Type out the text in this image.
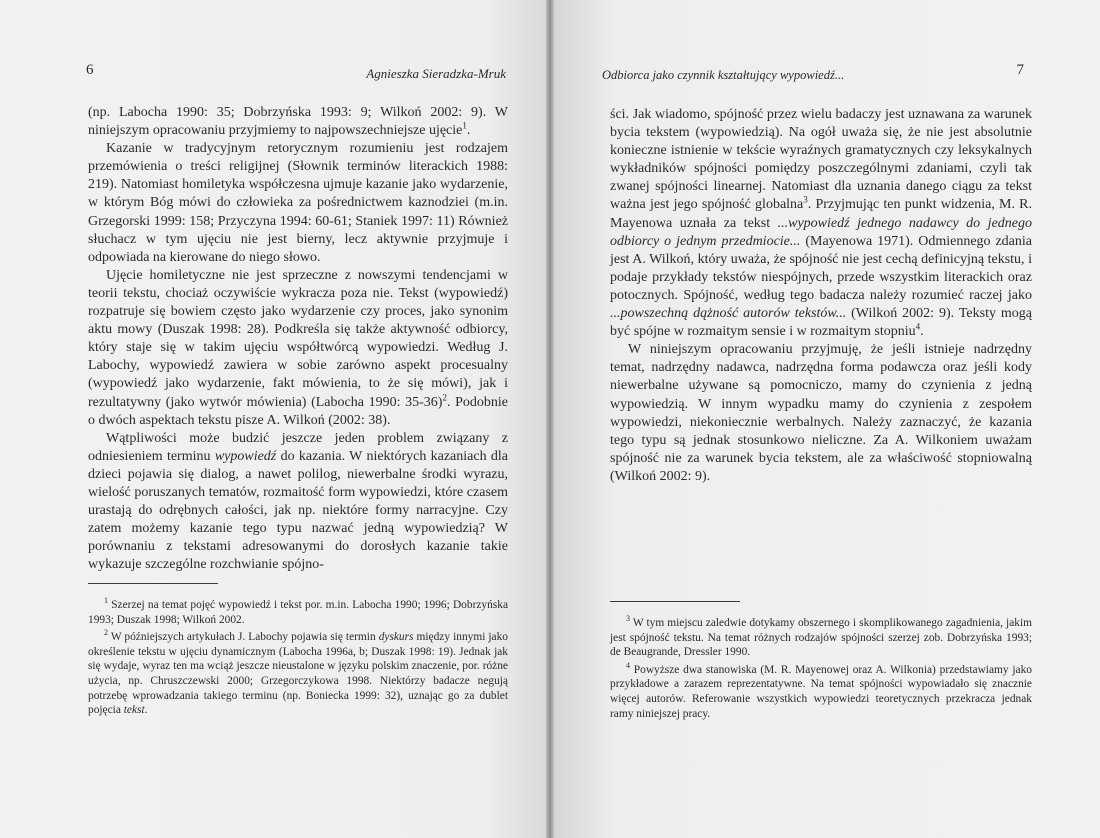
6	Agnieszka Sieradzka-Mruk

(np. Labocha 1990: 35; Dobrzyńska 1993: 9; Wilkoń 2002: 9). W niniejszym opracowaniu przyjmiemy to najpowszechniejsze ujęcie$^1$.

Kazanie w tradycyjnym retorycznym rozumieniu jest rodzajem przemówienia o treści religijnej (Słownik terminów literackich 1988: 219). Natomiast homiletyka współczesna ujmuje kazanie jako wydarzenie, w którym Bóg mówi do człowieka za pośrednictwem kaznodziei (m.in. Grzegorski 1999: 158; Przyczyna 1994: 60-61; Staniek 1997: 11) Również słuchacz w tym ujęciu nie jest bierny, lecz aktywnie przyjmuje i odpowiada na kierowane do niego słowo.

Ujęcie homiletyczne nie jest sprzeczne z nowszymi tendencjami w teorii tekstu, chociaż oczywiście wykracza poza nie. Tekst (wypowiedź) rozpatruje się bowiem często jako wydarzenie czy proces, jako synonim aktu mowy (Duszak 1998: 28). Podkreśla się także aktywność odbiorcy, który staje się w takim ujęciu współtwórcą wypowiedzi. Według J. Labochy, wypowiedź zawiera w sobie zarówno aspekt procesualny (wypowiedź jako wydarzenie, fakt mówienia, to że się mówi), jak i rezultatywny (jako wytwór mówienia) (Labocha 1990: 35-36)$^2$. Podobnie o dwóch aspektach tekstu pisze A. Wilkoń (2002: 38).

Wątpliwości może budzić jeszcze jeden problem związany z odniesieniem terminu wypowiedź do kazania. W niektórych kazaniach dla dzieci pojawia się dialog, a nawet polilog, niewerbalne środki wyrazu, wielość poruszanych tematów, rozmaitość form wypowiedzi, które czasem urastają do odrębnych całości, jak np. niektóre formy narracyjne. Czy zatem możemy kazanie tego typu nazwać jedną wypowiedzią? W porównaniu z tekstami adresowanymi do dorosłych kazanie takie wykazuje szczególne rozchwianie spójno-

$^1$ Szerzej na temat pojęć wypowiedź i tekst por. m.in. Labocha 1990; 1996; Dobrzyńska 1993; Duszak 1998; Wilkoń 2002.

$^2$ W późniejszych artykułach J. Labochy pojawia się termin dyskurs między innymi jako określenie tekstu w ujęciu dynamicznym (Labocha 1996a, b; Duszak 1998: 19). Jednak jak się wydaje, wyraz ten ma wciąż jeszcze nieustalone w języku polskim znaczenie, por. różne użycia, np. Chruszczewski 2000; Grzegorczykowa 1998. Niektórzy badacze negują potrzebę wprowadzania takiego terminu (np. Boniecka 1999: 32), uznając go za dublet pojęcia tekst.

7
Odbiorca jako czynnik kształtujący wypowiedź...

ści. Jak wiadomo, spójność przez wielu badaczy jest uznawana za warunek bycia tekstem (wypowiedzią). Na ogół uważa się, że nie jest absolutnie konieczne istnienie w tekście wyraźnych gramatycznych czy leksykalnych wykładników spójności pomiędzy poszczególnymi zdaniami, czyli tak zwanej spójności linearnej. Natomiast dla uznania danego ciągu za tekst ważna jest jego spójność globalna$^3$. Przyjmując ten punkt widzenia, M. R. Mayenowa uznała za tekst ...wypowiedź jednego nadawcy do jednego odbiorcy o jednym przedmiocie... (Mayenowa 1971). Odmiennego zdania jest A. Wilkoń, który uważa, że spójność nie jest cechą definicyjną tekstu, i podaje przykłady tekstów niespójnych, przede wszystkim literackich oraz potocznych. Spójność, według tego badacza należy rozumieć raczej jako ...powszechną dążność autorów tekstów... (Wilkoń 2002: 9). Teksty mogą być spójne w rozmaitym sensie i w rozmaitym stopniu$^4$.

W niniejszym opracowaniu przyjmuję, że jeśli istnieje nadrzędny temat, nadrzędny nadawca, nadrzędna forma podawcza oraz jeśli kody niewerbalne używane są pomocniczo, mamy do czynienia z jedną wypowiedzią. W innym wypadku mamy do czynienia z zespołem wypowiedzi, niekoniecznie werbalnych. Należy zaznaczyć, że kazania tego typu są jednak stosunkowo nieliczne. Za A. Wilkoniem uważam spójność nie za warunek bycia tekstem, ale za właściwość stopniowalną (Wilkoń 2002: 9).

$^3$ W tym miejscu zaledwie dotykamy obszernego i skomplikowanego zagadnienia, jakim jest spójność tekstu. Na temat różnych rodzajów spójności szerzej zob. Dobrzyńska 1993; de Beaugrande, Dressler 1990.

$^4$ Powyższe dwa stanowiska (M. R. Mayenowej oraz A. Wilkonia) przedstawiamy jako przykładowe a zarazem reprezentatywne. Na temat spójności wypowiadało się znacznie więcej autorów. Referowanie wszystkich wypowiedzi teoretycznych przekracza jednak ramy niniejszej pracy.
